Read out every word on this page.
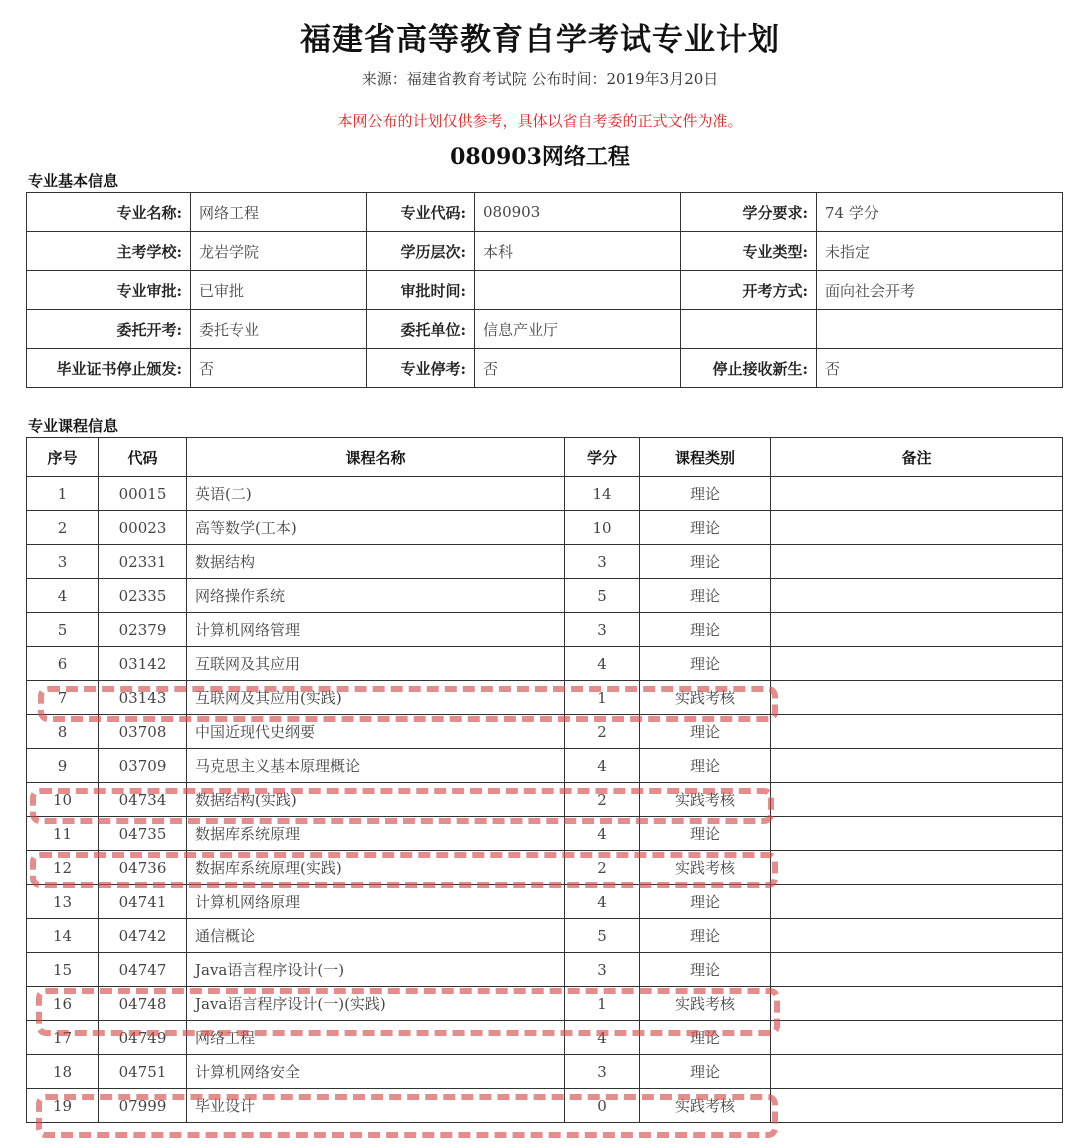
福建省高等教育自学考试专业计划
来源：福建省教育考试院 公布时间：2019年3月20日
本网公布的计划仅供参考，具体以省自考委的正式文件为准。
080903网络工程
专业基本信息
专业名称:	网络工程	专业代码:	080903	学分要求:	74 学分
主考学校:	龙岩学院	学历层次:	本科	专业类型:	未指定
专业审批:	已审批	审批时间:		开考方式:	面向社会开考
委托开考:	委托专业	委托单位:	信息产业厅		
毕业证书停止颁发:	否	专业停考:	否	停止接收新生:	否
专业课程信息
序号	代码	课程名称	学分	课程类别	备注
1	00015	英语(二)	14	理论	
2	00023	高等数学(工本)	10	理论	
3	02331	数据结构	3	理论	
4	02335	网络操作系统	5	理论	
5	02379	计算机网络管理	3	理论	
6	03142	互联网及其应用	4	理论	
7	03143	互联网及其应用(实践)	1	实践考核	
8	03708	中国近现代史纲要	2	理论	
9	03709	马克思主义基本原理概论	4	理论	
10	04734	数据结构(实践)	2	实践考核	
11	04735	数据库系统原理	4	理论	
12	04736	数据库系统原理(实践)	2	实践考核	
13	04741	计算机网络原理	4	理论	
14	04742	通信概论	5	理论	
15	04747	Java语言程序设计(一)	3	理论	
16	04748	Java语言程序设计(一)(实践)	1	实践考核	
17	04749	网络工程	4	理论	
18	04751	计算机网络安全	3	理论	
19	07999	毕业设计	0	实践考核	
